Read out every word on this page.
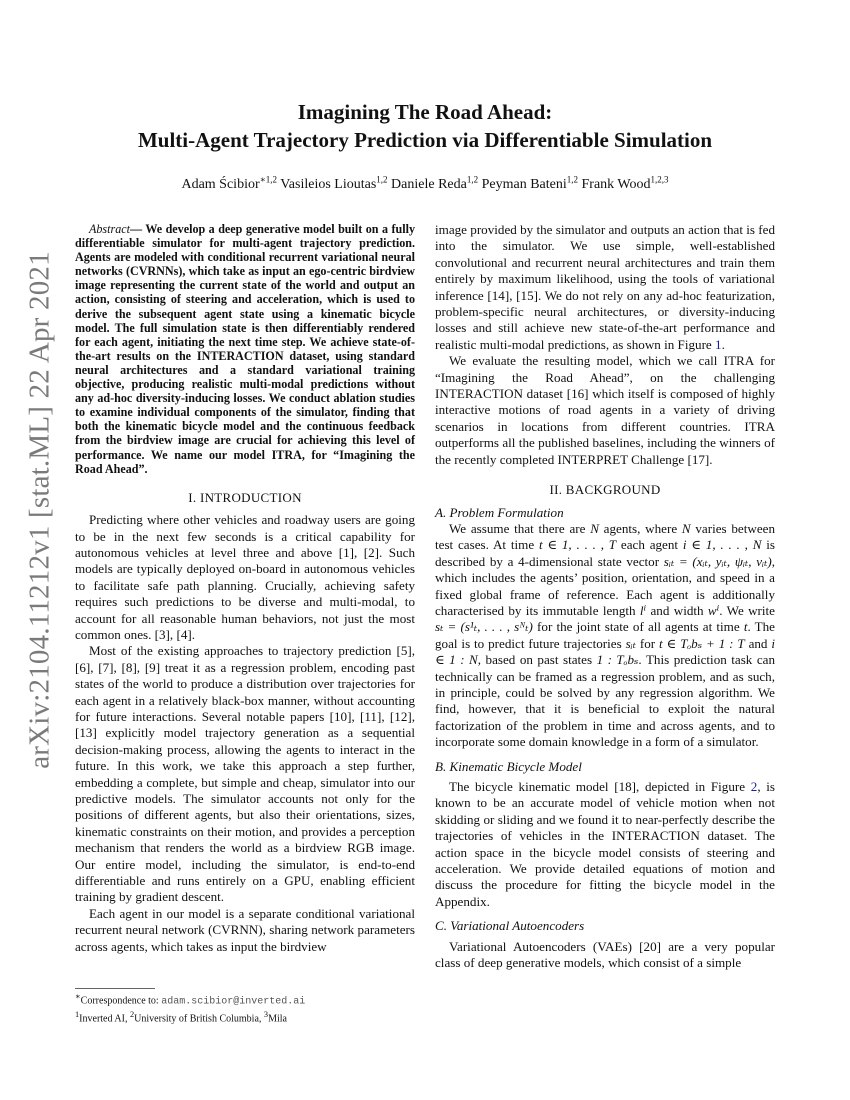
arXiv:2104.11212v1 [stat.ML] 22 Apr 2021
Imagining The Road Ahead:
Multi-Agent Trajectory Prediction via Differentiable Simulation
Adam Ścibior$^{∗1,2}$ Vasileios Lioutas$^{1,2}$ Daniele Reda$^{1,2}$ Peyman Bateni$^{1,2}$ Frank Wood$^{1,2,3}$

Abstract— We develop a deep generative model built on a fully differentiable simulator for multi-agent trajectory prediction. Agents are modeled with conditional recurrent variational neural networks (CVRNNs), which take as input an ego-centric birdview image representing the current state of the world and output an action, consisting of steering and acceleration, which is used to derive the subsequent agent state using a kinematic bicycle model. The full simulation state is then differentiably rendered for each agent, initiating the next time step. We achieve state-of-the-art results on the INTERACTION dataset, using standard neural architectures and a standard variational training objective, producing realistic multi-modal predictions without any ad-hoc diversity-inducing losses. We conduct ablation studies to examine individual components of the simulator, finding that both the kinematic bicycle model and the continuous feedback from the birdview image are crucial for achieving this level of performance. We name our model ITRA, for “Imagining the Road Ahead”.

I. INTRODUCTION

Predicting where other vehicles and roadway users are going to be in the next few seconds is a critical capability for autonomous vehicles at level three and above [1], [2]. Such models are typically deployed on-board in autonomous vehicles to facilitate safe path planning. Crucially, achieving safety requires such predictions to be diverse and multi-modal, to account for all reasonable human behaviors, not just the most common ones. [3], [4].

Most of the existing approaches to trajectory prediction [5], [6], [7], [8], [9] treat it as a regression problem, encoding past states of the world to produce a distribution over trajectories for each agent in a relatively black-box manner, without accounting for future interactions. Several notable papers [10], [11], [12], [13] explicitly model trajectory generation as a sequential decision-making process, allowing the agents to interact in the future. In this work, we take this approach a step further, embedding a complete, but simple and cheap, simulator into our predictive models. The simulator accounts not only for the positions of different agents, but also their orientations, sizes, kinematic constraints on their motion, and provides a perception mechanism that renders the world as a birdview RGB image. Our entire model, including the simulator, is end-to-end differentiable and runs entirely on a GPU, enabling efficient training by gradient descent.

Each agent in our model is a separate conditional variational recurrent neural network (CVRNN), sharing network parameters across agents, which takes as input the birdview

image provided by the simulator and outputs an action that is fed into the simulator. We use simple, well-established convolutional and recurrent neural architectures and train them entirely by maximum likelihood, using the tools of variational inference [14], [15]. We do not rely on any ad-hoc featurization, problem-specific neural architectures, or diversity-inducing losses and still achieve new state-of-the-art performance and realistic multi-modal predictions, as shown in Figure 1.

We evaluate the resulting model, which we call ITRA for “Imagining the Road Ahead”, on the challenging INTERACTION dataset [16] which itself is composed of highly interactive motions of road agents in a variety of driving scenarios in locations from different countries. ITRA outperforms all the published baselines, including the winners of the recently completed INTERPRET Challenge [17].

II. BACKGROUND

A. Problem Formulation

We assume that there are N agents, where N varies between test cases. At time t ∈ 1, . . . , T each agent i ∈ 1, . . . , N is described by a 4-dimensional state vector sᵢₜ = (xᵢₜ, yᵢₜ, ψᵢₜ, vᵢₜ), which includes the agents’ position, orientation, and speed in a fixed global frame of reference. Each agent is additionally characterised by its immutable length lⁱ and width wⁱ. We write sₜ = (s¹ₜ, . . . , sᴺₜ) for the joint state of all agents at time t. The goal is to predict future trajectories sᵢₜ for t ∈ Tₒbₛ + 1 : T and i ∈ 1 : N, based on past states 1 : Tₒbₛ. This prediction task can technically can be framed as a regression problem, and as such, in principle, could be solved by any regression algorithm. We find, however, that it is beneficial to exploit the natural factorization of the problem in time and across agents, and to incorporate some domain knowledge in a form of a simulator.

B. Kinematic Bicycle Model

The bicycle kinematic model [18], depicted in Figure 2, is known to be an accurate model of vehicle motion when not skidding or sliding and we found it to near-perfectly describe the trajectories of vehicles in the INTERACTION dataset. The action space in the bicycle model consists of steering and acceleration. We provide detailed equations of motion and discuss the procedure for fitting the bicycle model in the Appendix.

C. Variational Autoencoders

Variational Autoencoders (VAEs) [20] are a very popular class of deep generative models, which consist of a simple

∗Correspondence to: adam.scibior@inverted.ai
$^1$Inverted AI, $^2$University of British Columbia, $^3$Mila
